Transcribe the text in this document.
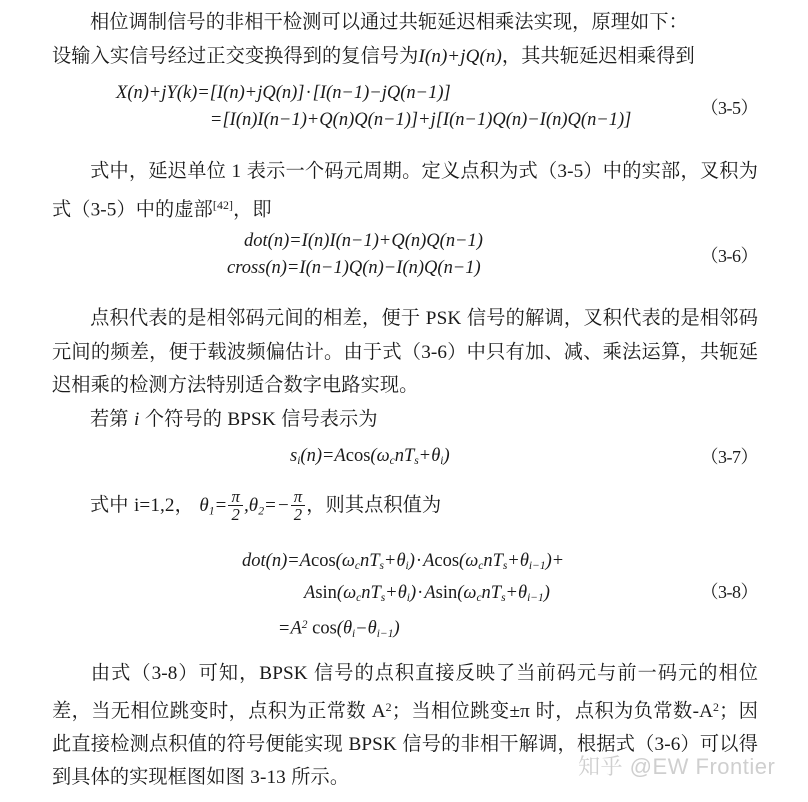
相位调制信号的非相干检测可以通过共轭延迟相乘法实现，原理如下：
设输入实信号经过正交变换得到的复信号为I(n)+jQ(n)，其共轭延迟相乘得到
X(n)+jY(k)=[I(n)+jQ(n)]·[I(n−1)−jQ(n−1)]
=[I(n)I(n−1)+Q(n)Q(n−1)]+j[I(n−1)Q(n)−I(n)Q(n−1)]
（3-5）
式中，延迟单位 1 表示一个码元周期。定义点积为式（3-5）中的实部，叉积为式（3-5）中的虚部[42]，即
dot(n)=I(n)I(n−1)+Q(n)Q(n−1)
cross(n)=I(n−1)Q(n)−I(n)Q(n−1)
（3-6）
点积代表的是相邻码元间的相差，便于 PSK 信号的解调，叉积代表的是相邻码元间的频差，便于载波频偏估计。由于式（3-6）中只有加、减、乘法运算，共轭延迟相乘的检测方法特别适合数字电路实现。
若第 i 个符号的 BPSK 信号表示为
$s_i(n)=Acos(\omega_cnT_s+\theta_i)$	（3-7）
式中 i=1,2， $\theta_1= \frac{\pi}{2} ,\theta_2= - \frac{\pi}{2}$ ，则其点积值为
$dot(n)=Acos(\omega_cnT_s+\theta_i)\cdot Acos(\omega_cnT_s+\theta_{i-1})+$
$Asin(\omega_cnT_s+\theta_i)\cdot Asin(\omega_cnT_s+\theta_{i-1})$
$=A^2$ $\cos(\theta_i-\theta_{i-1})$
（3-8）
由式（3-8）可知，BPSK 信号的点积直接反映了当前码元与前一码元的相位差，当无相位跳变时，点积为正常数 $A^2$；当相位跳变±π 时，点积为负常数$-A^2$；因此直接检测点积值的符号便能实现 BPSK 信号的非相干解调，根据式（3-6）可以得到具体的实现框图如图 3-13 所示。	知乎 @EW Frontier
